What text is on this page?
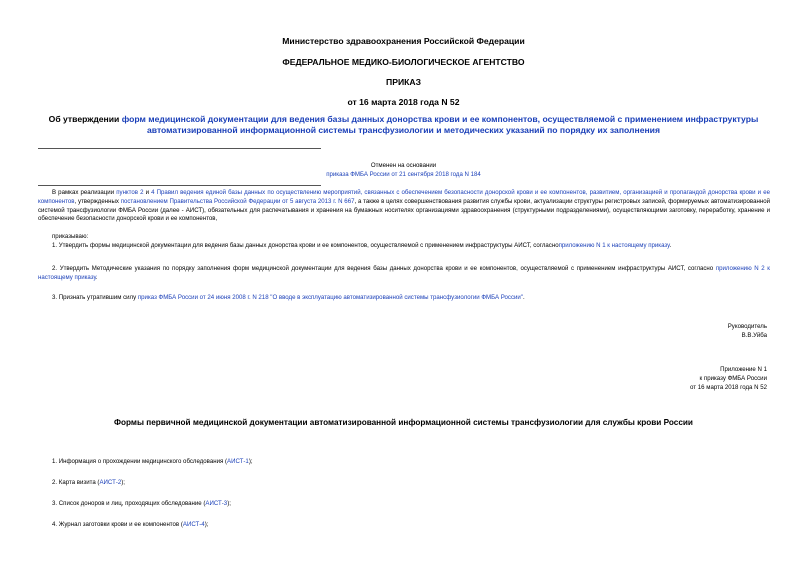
Министерство здравоохранения Российской Федерации
ФЕДЕРАЛЬНОЕ МЕДИКО-БИОЛОГИЧЕСКОЕ АГЕНТСТВО
ПРИКАЗ
от 16 марта 2018 года N 52
Об утверждении форм медицинской документации для ведения базы данных донорства крови и ее компонентов, осуществляемой с применением инфраструктуры автоматизированной информационной системы трансфузиологии и методических указаний по порядку их заполнения
Отменен на основании
приказа ФМБА России от 21 сентября 2018 года N 184
В рамках реализации пунктов 2 и 4 Правил ведения единой базы данных по осуществлению мероприятий, связанных с обеспечением безопасности донорской крови и ее компонентов, развитием, организацией и пропагандой донорства крови и ее компонентов, утвержденных постановлением Правительства Российской Федерации от 5 августа 2013 г. N 667, а также в целях совершенствования развития службы крови, актуализации структуры регистровых записей, формируемых автоматизированной системой трансфузиологии ФМБА России (далее - АИСТ), обязательных для распечатывания и хранения на бумажных носителях организациями здравоохранения (структурными подразделениями), осуществляющими заготовку, переработку, хранение и обеспечение безопасности донорской крови и ее компонентов,
приказываю:
1. Утвердить формы медицинской документации для ведения базы данных донорства крови и ее компонентов, осуществляемой с применением инфраструктуры АИСТ, согласноприложению N 1 к настоящему приказу.
2. Утвердить Методические указания по порядку заполнения форм медицинской документации для ведения базы данных донорства крови и ее компонентов, осуществляемой с применением инфраструктуры АИСТ, согласно приложению N 2 к настоящему приказу.
3. Признать утратившим силу приказ ФМБА России от 24 июня 2008 г. N 218 "О вводе в эксплуатацию автоматизированной системы трансфузиологии ФМБА России".
Руководитель
В.В.Уйба
Приложение N 1
к приказу ФМБА России
от 16 марта 2018 года N 52
Формы первичной медицинской документации автоматизированной информационной системы трансфузиологии для службы крови России
1. Информация о прохождении медицинского обследования (АИСТ-1);
2. Карта визита (АИСТ-2);
3. Список доноров и лиц, проходящих обследование (АИСТ-3);
4. Журнал заготовки крови и ее компонентов (АИСТ-4);
